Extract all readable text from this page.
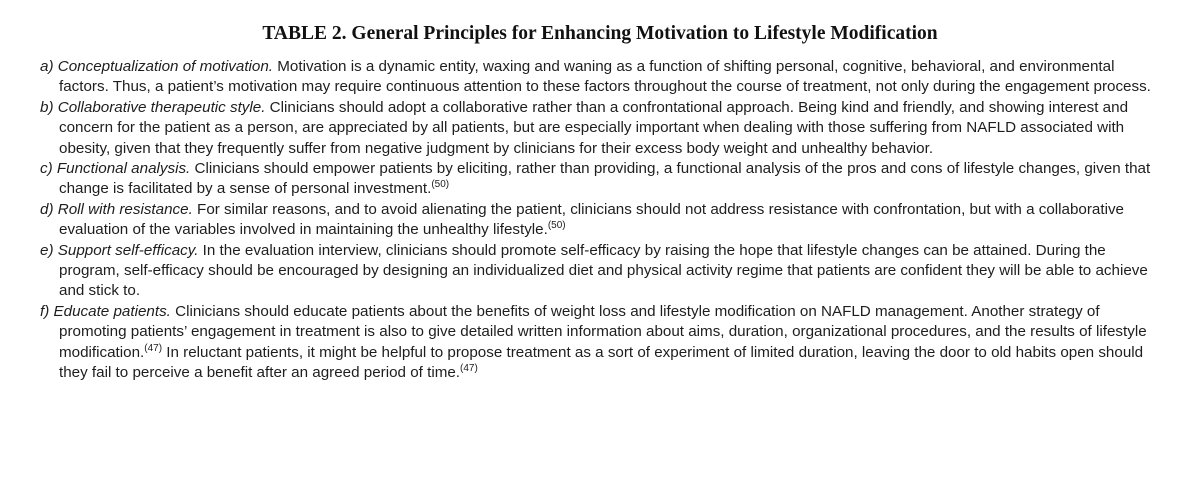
TABLE 2. General Principles for Enhancing Motivation to Lifestyle Modification
a) Conceptualization of motivation. Motivation is a dynamic entity, waxing and waning as a function of shifting personal, cognitive, behavioral, and environmental factors. Thus, a patient’s motivation may require continuous attention to these factors throughout the course of treatment, not only during the engagement process.
b) Collaborative therapeutic style. Clinicians should adopt a collaborative rather than a confrontational approach. Being kind and friendly, and showing interest and concern for the patient as a person, are appreciated by all patients, but are especially important when dealing with those suffering from NAFLD associated with obesity, given that they frequently suffer from negative judgment by clinicians for their excess body weight and unhealthy behavior.
c) Functional analysis. Clinicians should empower patients by eliciting, rather than providing, a functional analysis of the pros and cons of lifestyle changes, given that change is facilitated by a sense of personal investment.$^{(50)}$
d) Roll with resistance. For similar reasons, and to avoid alienating the patient, clinicians should not address resistance with confrontation, but with a collaborative evaluation of the variables involved in maintaining the unhealthy lifestyle.$^{(50)}$
e) Support self-efficacy. In the evaluation interview, clinicians should promote self-efficacy by raising the hope that lifestyle changes can be attained. During the program, self-efficacy should be encouraged by designing an individualized diet and physical activity regime that patients are confident they will be able to achieve and stick to.
f) Educate patients. Clinicians should educate patients about the benefits of weight loss and lifestyle modification on NAFLD management. Another strategy of promoting patients’ engagement in treatment is also to give detailed written information about aims, duration, organizational procedures, and the results of lifestyle modification.$^{(47)}$ In reluctant patients, it might be helpful to propose treatment as a sort of experiment of limited duration, leaving the door to old habits open should they fail to perceive a benefit after an agreed period of time.$^{(47)}$
